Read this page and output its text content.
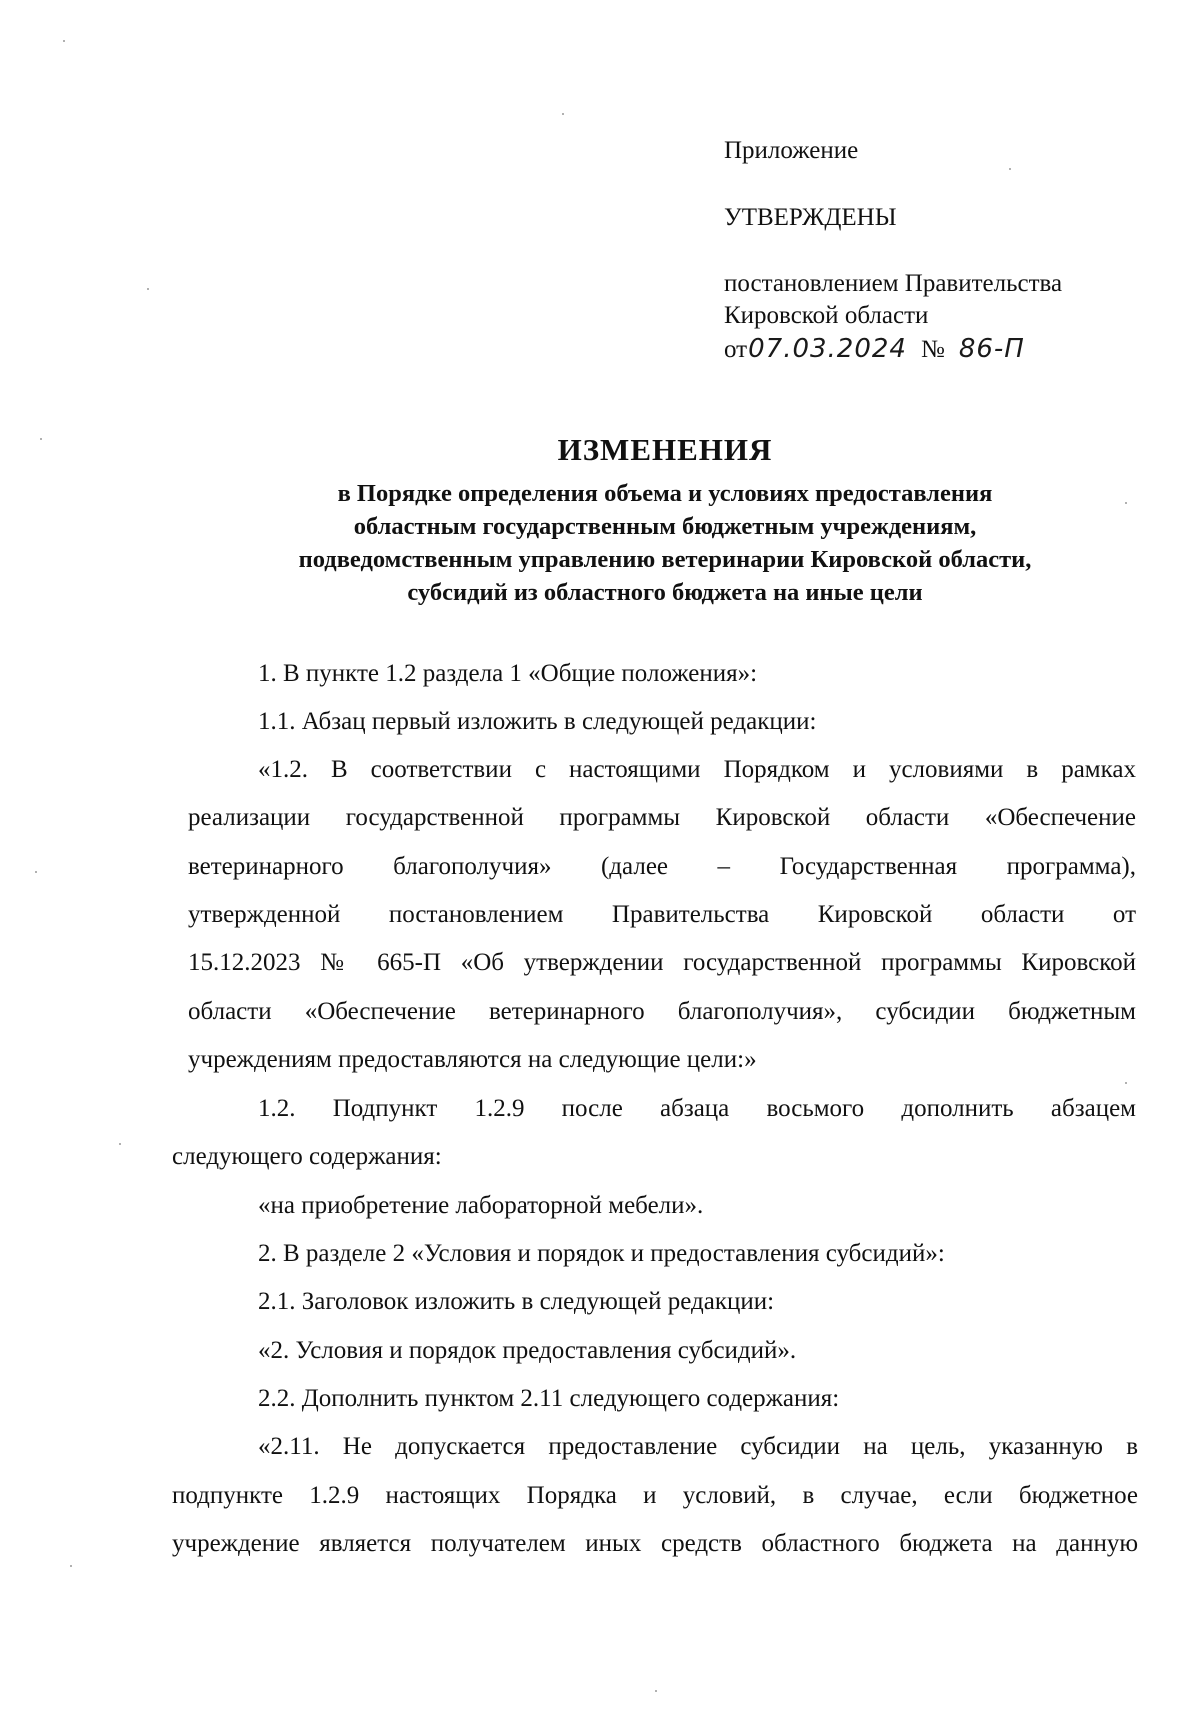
Приложение
УТВЕРЖДЕНЫ
постановлением Правительства
Кировской области
от07.03.2024 № 86-П
ИЗМЕНЕНИЯ
в Порядке определения объема и условиях предоставления
областным государственным бюджетным учреждениям,
подведомственным управлению ветеринарии Кировской области,
субсидий из областного бюджета на иные цели
1. В пункте 1.2 раздела 1 «Общие положения»:
1.1. Абзац первый изложить в следующей редакции:
«1.2. В соответствии с настоящими Порядком и условиями в рамках
реализации государственной программы Кировской области «Обеспечение
ветеринарного благополучия» (далее – Государственная программа),
утвержденной постановлением Правительства Кировской области от
15.12.2023 № 665-П «Об утверждении государственной программы Кировской
области «Обеспечение ветеринарного благополучия», субсидии бюджетным
учреждениям предоставляются на следующие цели:»
1.2. Подпункт 1.2.9 после абзаца восьмого дополнить абзацем
следующего содержания:
«на приобретение лабораторной мебели».
2. В разделе 2 «Условия и порядок и предоставления субсидий»:
2.1. Заголовок изложить в следующей редакции:
«2. Условия и порядок предоставления субсидий».
2.2. Дополнить пунктом 2.11 следующего содержания:
«2.11. Не допускается предоставление субсидии на цель, указанную в
подпункте 1.2.9 настоящих Порядка и условий, в случае, если бюджетное
учреждение является получателем иных средств областного бюджета на данную
